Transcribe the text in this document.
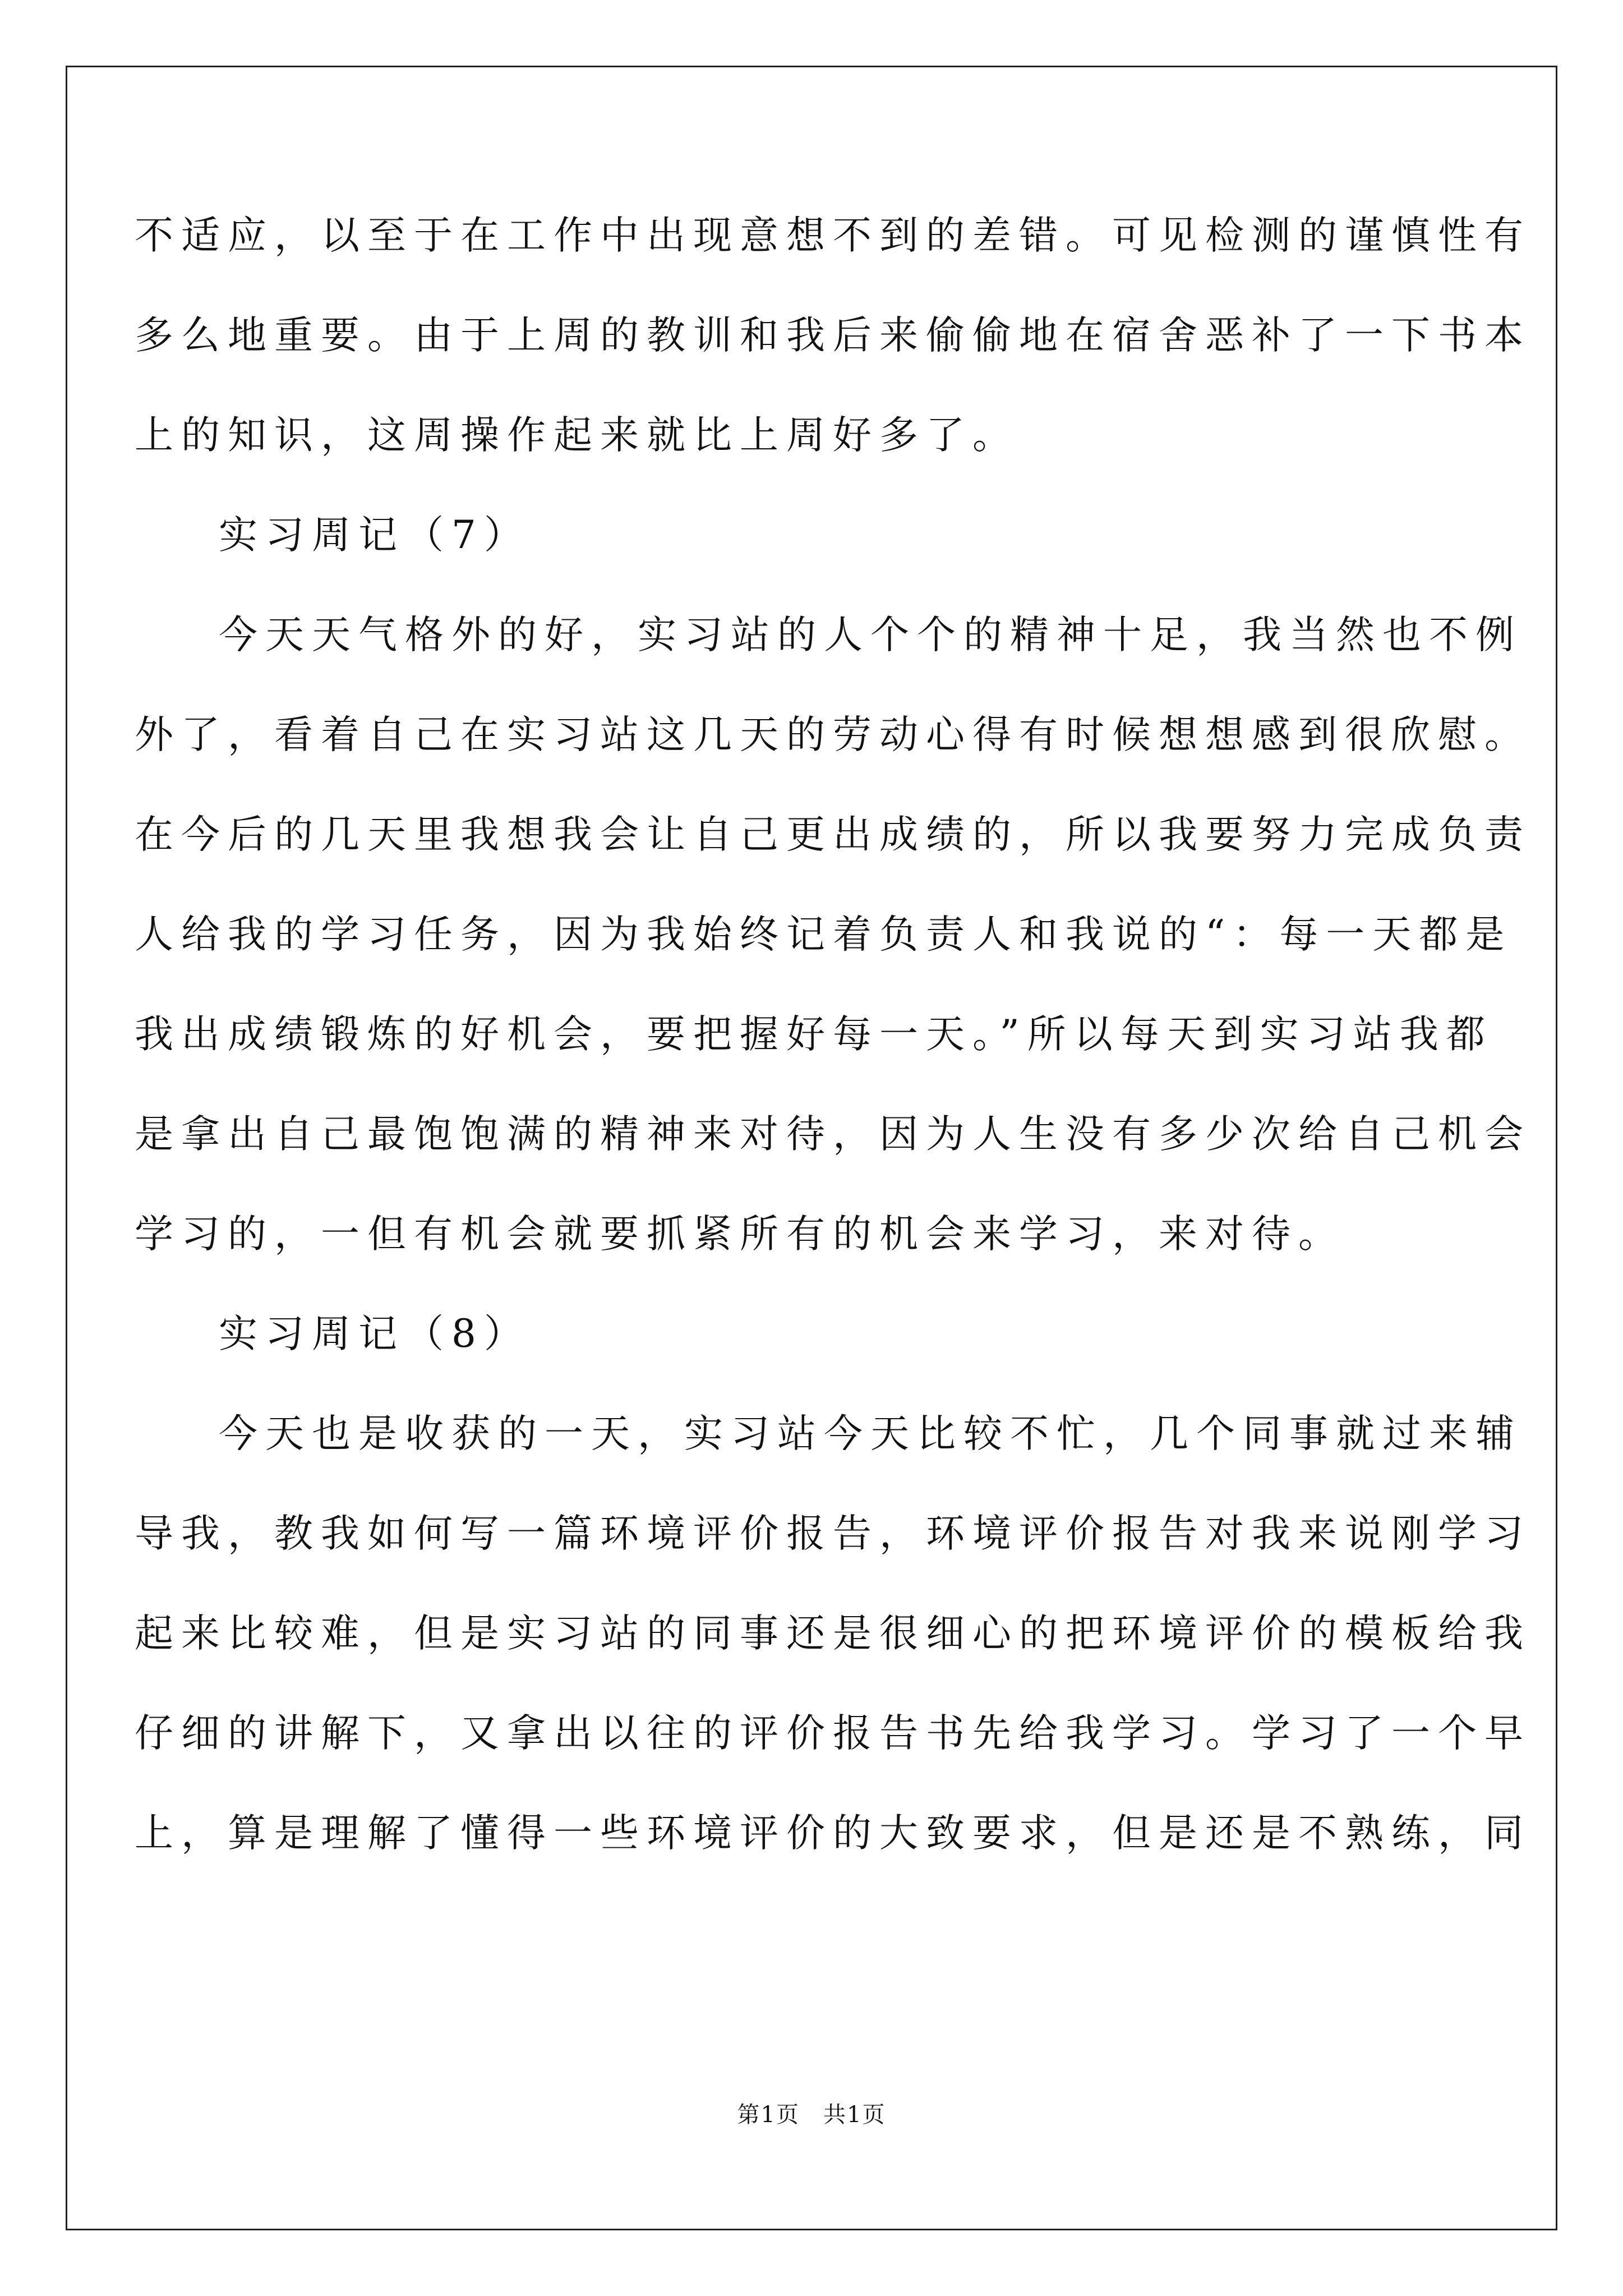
不适应，以至于在工作中出现意想不到的差错。可见检测的谨慎性有
多么地重要。由于上周的教训和我后来偷偷地在宿舍恶补了一下书本
上的知识，这周操作起来就比上周好多了。
实习周记（7）
今天天气格外的好，实习站的人个个的精神十足，我当然也不例
外了，看着自己在实习站这几天的劳动心得有时候想想感到很欣慰。
在今后的几天里我想我会让自己更出成绩的，所以我要努力完成负责
人给我的学习任务，因为我始终记着负责人和我说的“：每一天都是
我出成绩锻炼的好机会，要把握好每一天。”所以每天到实习站我都
是拿出自己最饱饱满的精神来对待，因为人生没有多少次给自己机会
学习的，一但有机会就要抓紧所有的机会来学习，来对待。
实习周记（8）
今天也是收获的一天，实习站今天比较不忙，几个同事就过来辅
导我，教我如何写一篇环境评价报告，环境评价报告对我来说刚学习
起来比较难，但是实习站的同事还是很细心的把环境评价的模板给我
仔细的讲解下，又拿出以往的评价报告书先给我学习。学习了一个早
上，算是理解了懂得一些环境评价的大致要求，但是还是不熟练，同
第1页　共1页
